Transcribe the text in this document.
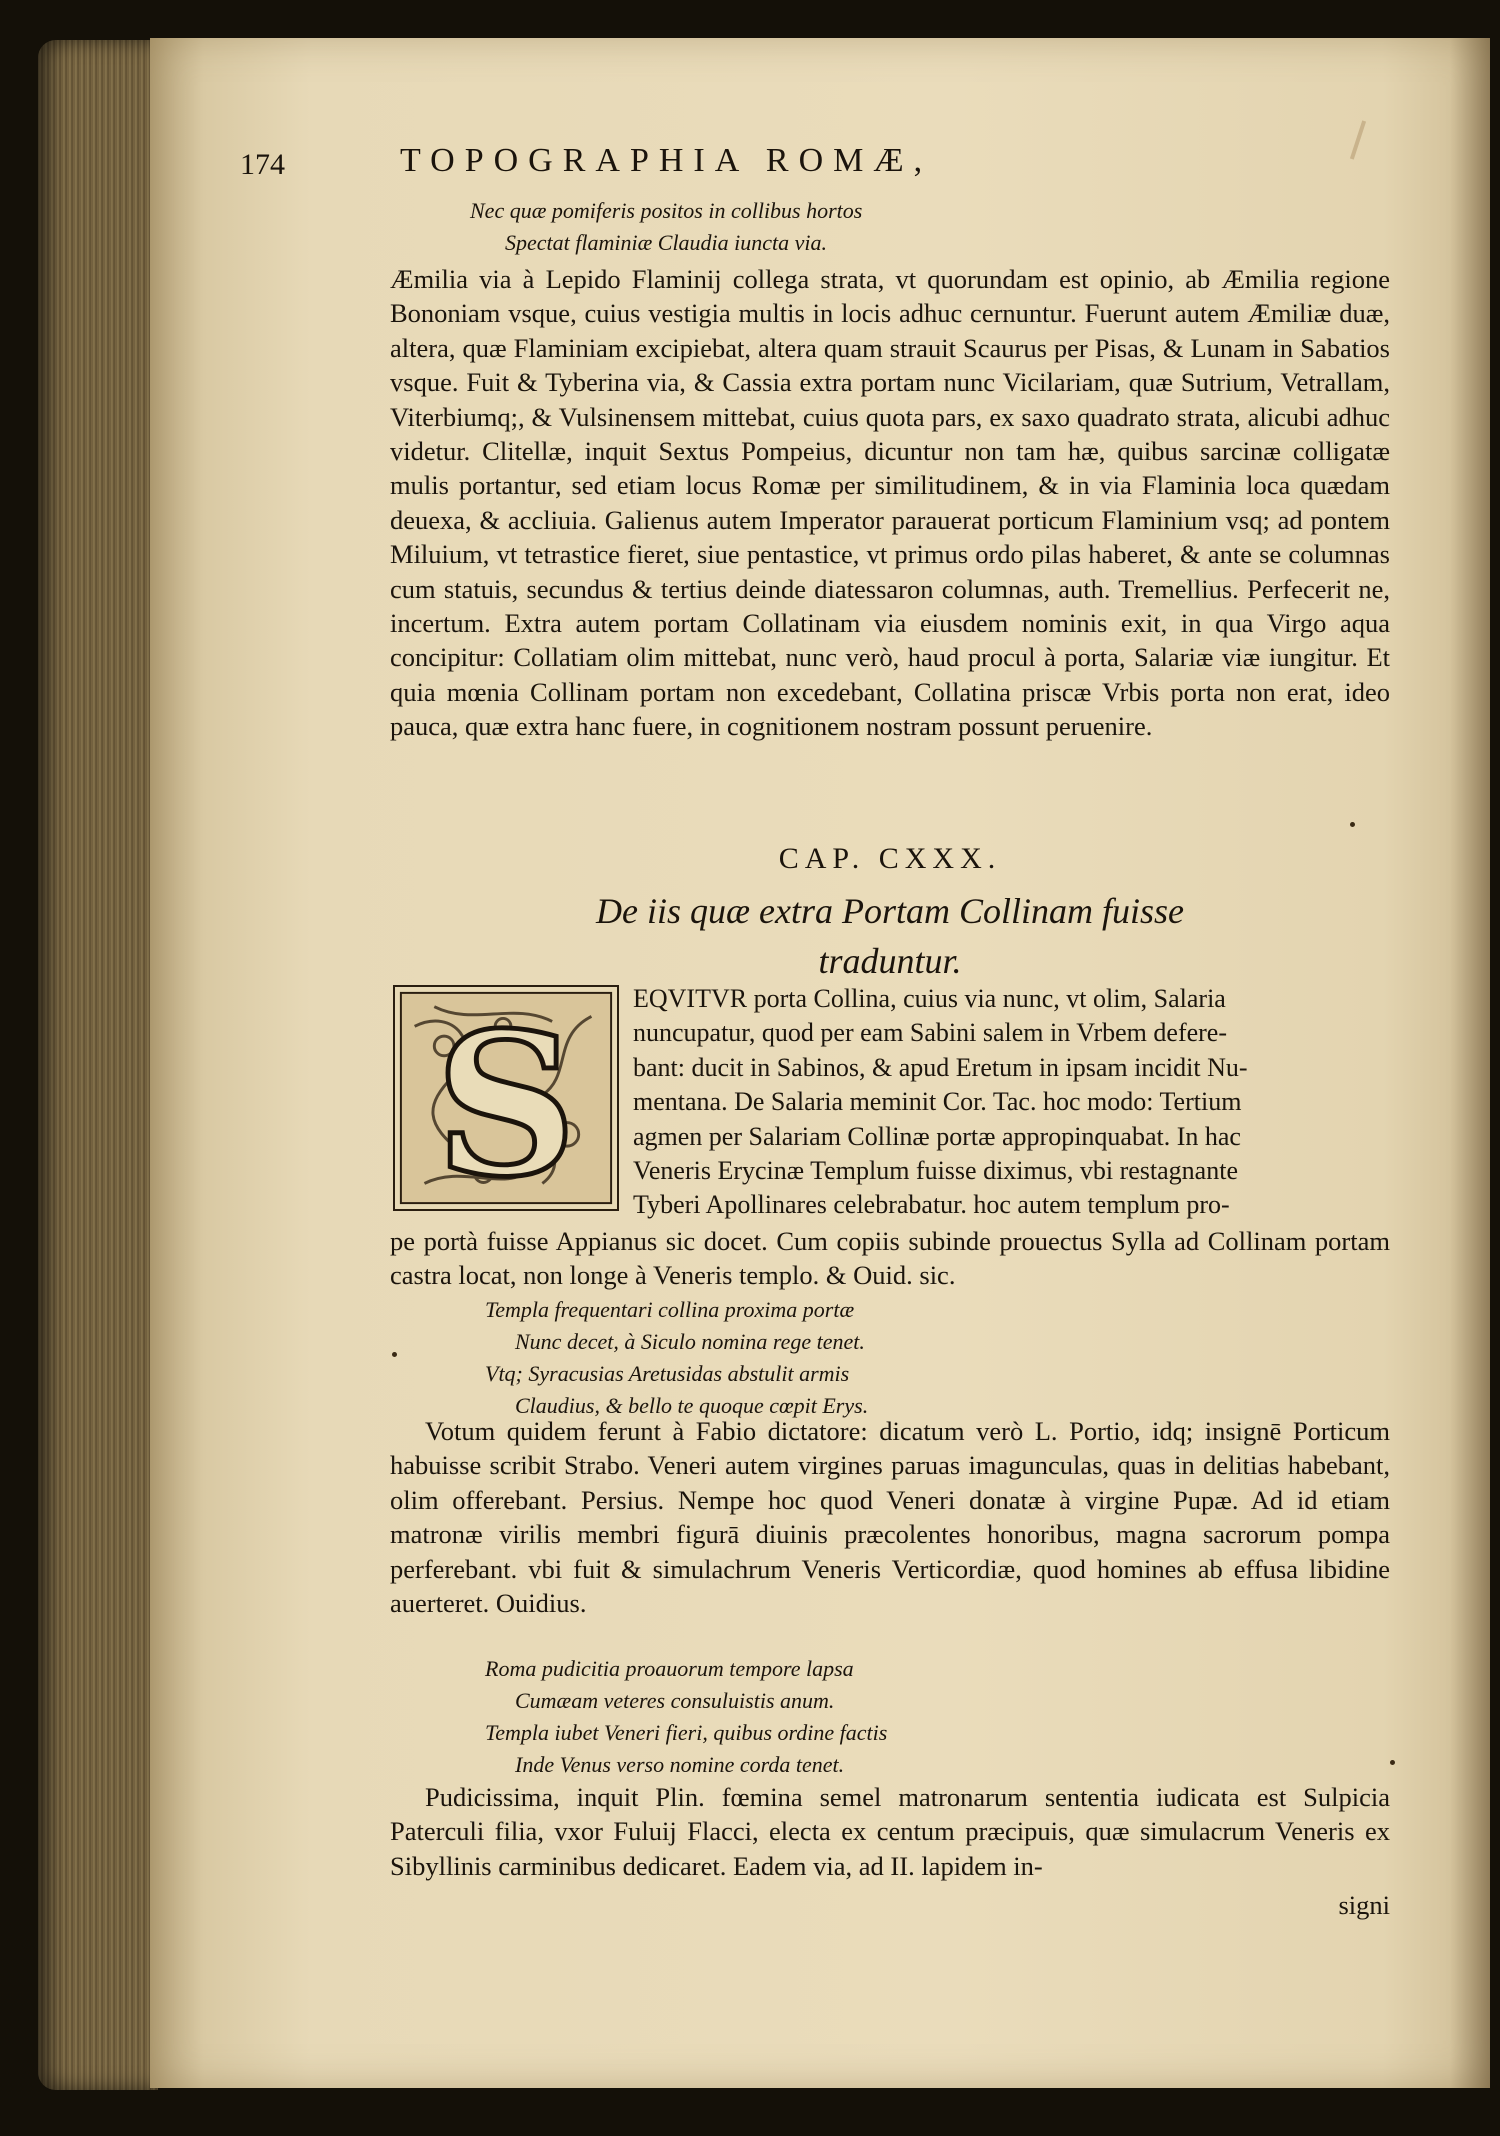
174	TOPOGRAPHIA ROMÆ,
Nec quæ pomiferis positos in collibus hortos
Spectat flaminiæ Claudia iuncta via.
Æmilia via à Lepido Flaminij collega strata, vt quorundam est opinio, ab Æmilia regione Bononiam vsque, cuius vestigia multis in locis adhuc cernuntur. Fuerunt autem Æmiliæ duæ, altera, quæ Flaminiam excipiebat, altera quam strauit Scaurus per Pisas, & Lunam in Sabatios vsque. Fuit & Tyberina via, & Cassia extra portam nunc Vicilariam, quæ Sutrium, Vetrallam, Viterbiumq;, & Vulsinensem mittebat, cuius quota pars, ex saxo quadrato strata, alicubi adhuc videtur. Clitellæ, inquit Sextus Pompeius, dicuntur non tam hæ, quibus sarcinæ colligatæ mulis portantur, sed etiam locus Romæ per similitudinem, & in via Flaminia loca quædam deuexa, & accliuia. Galienus autem Imperator parauerat porticum Flaminium vsq; ad pontem Miluium, vt tetrastice fieret, siue pentastice, vt primus ordo pilas haberet, & ante se columnas cum statuis, secundus & tertius deinde diatessaron columnas, auth. Tremellius. Perfecerit ne, incertum. Extra autem portam Collatinam via eiusdem nominis exit, in qua Virgo aqua concipitur: Collatiam olim mittebat, nunc verò, haud procul à porta, Salariæ viæ iungitur. Et quia mœnia Collinam portam non excedebant, Collatina priscæ Vrbis porta non erat, ideo pauca, quæ extra hanc fuere, in cognitionem nostram possunt peruenire.
CAP. CXXX.
De iis quæ extra Portam Collinam fuisse
traduntur.
S EQVITVR porta Collina, cuius via nunc, vt olim, Salaria
nuncupatur, quod per eam Sabini salem in Vrbem defere-
bant: ducit in Sabinos, & apud Eretum in ipsam incidit Nu-
mentana. De Salaria meminit Cor. Tac. hoc modo: Tertium
agmen per Salariam Collinæ portæ appropinquabat. In hac
Veneris Erycinæ Templum fuisse diximus, vbi restagnante
Tyberi Apollinares celebrabatur. hoc autem templum pro-
pe portà fuisse Appianus sic docet. Cum copiis subinde prouectus Sylla ad Collinam portam castra locat, non longe à Veneris templo. & Ouid. sic.
Templa frequentari collina proxima portæ
Nunc decet, à Siculo nomina rege tenet.
Vtq; Syracusias Aretusidas abstulit armis
Claudius, & bello te quoque cœpit Erys.
Votum quidem ferunt à Fabio dictatore: dicatum verò L. Portio, idq; insignē Porticum habuisse scribit Strabo. Veneri autem virgines paruas imagunculas, quas in delitias habebant, olim offerebant. Persius. Nempe hoc quod Veneri donatæ à virgine Pupæ. Ad id etiam matronæ virilis membri figurā diuinis præcolentes honoribus, magna sacrorum pompa perferebant. vbi fuit & simulachrum Veneris Verticordiæ, quod homines ab effusa libidine auerteret. Ouidius.
Roma pudicitia proauorum tempore lapsa
Cumæam veteres consuluistis anum.
Templa iubet Veneri fieri, quibus ordine factis
Inde Venus verso nomine corda tenet.
Pudicissima, inquit Plin. fœmina semel matronarum sententia iudicata est Sulpicia Paterculi filia, vxor Fuluij Flacci, electa ex centum præcipuis, quæ simulacrum Veneris ex Sibyllinis carminibus dedicaret. Eadem via, ad II. lapidem in-
signi
